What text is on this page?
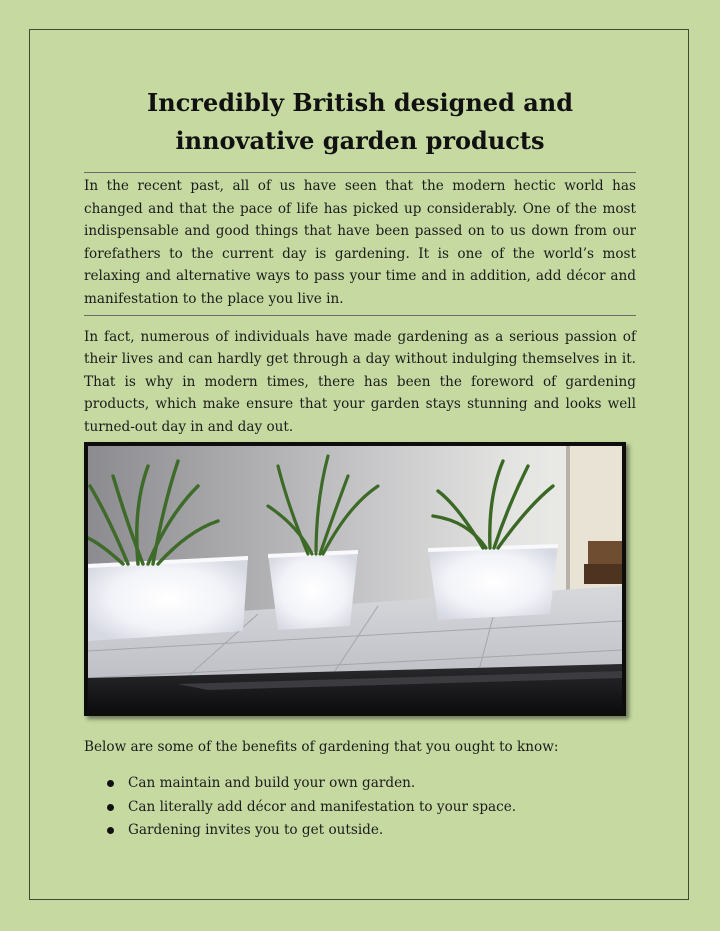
Incredibly British designed and innovative garden products

In the recent past, all of us have seen that the modern hectic world has changed and that the pace of life has picked up considerably. One of the most indispensable and good things that have been passed on to us down from our forefathers to the current day is gardening. It is one of the world’s most relaxing and alternative ways to pass your time and in addition, add décor and manifestation to the place you live in.

In fact, numerous of individuals have made gardening as a serious passion of their lives and can hardly get through a day without indulging themselves in it. That is why in modern times, there has been the foreword of gardening products, which make ensure that your garden stays stunning and looks well turned-out day in and day out.

Below are some of the benefits of gardening that you ought to know:

Can maintain and build your own garden.
Can literally add décor and manifestation to your space.
Gardening invites you to get outside.
